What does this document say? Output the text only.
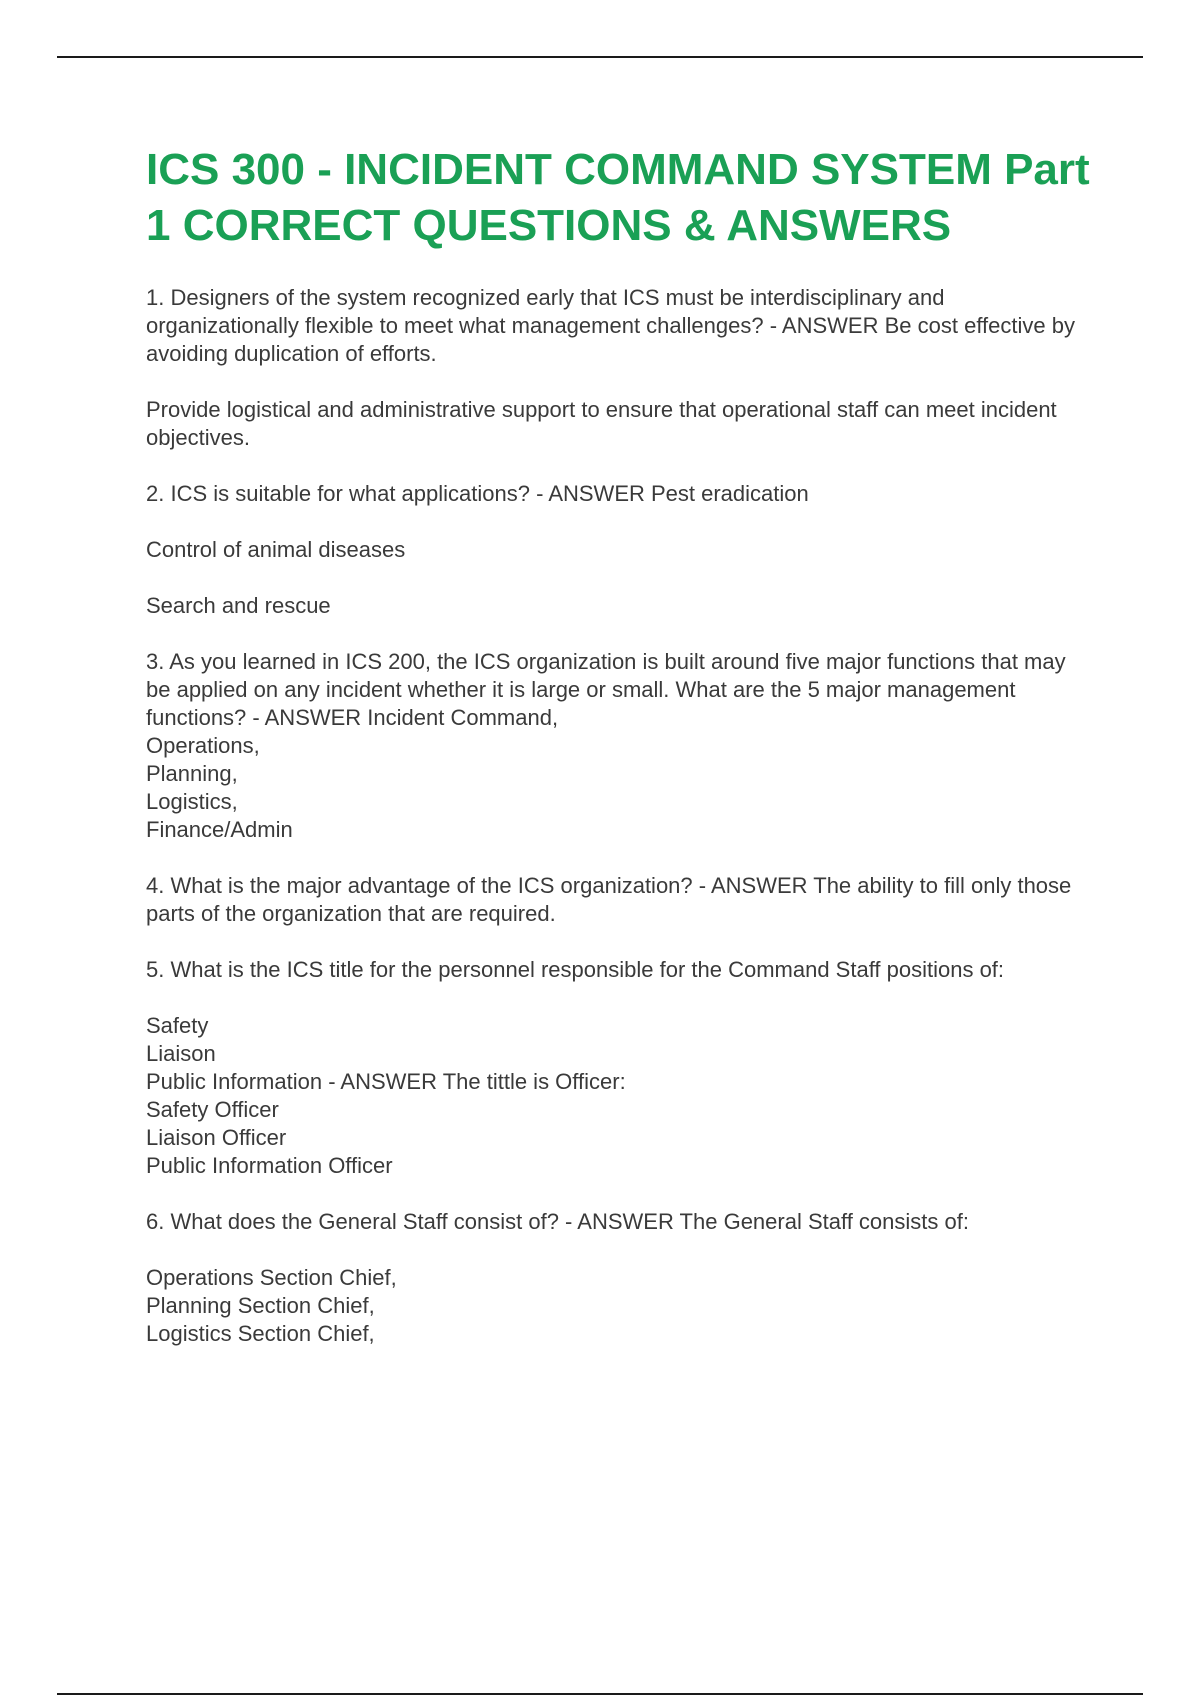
ICS 300 - INCIDENT COMMAND SYSTEM Part 1 CORRECT QUESTIONS & ANSWERS
1. Designers of the system recognized early that ICS must be interdisciplinary and organizationally flexible to meet what management challenges? - ANSWER Be cost effective by avoiding duplication of efforts.
Provide logistical and administrative support to ensure that operational staff can meet incident objectives.
2. ICS is suitable for what applications? - ANSWER Pest eradication
Control of animal diseases
Search and rescue
3. As you learned in ICS 200, the ICS organization is built around five major functions that may be applied on any incident whether it is large or small. What are the 5 major management functions? - ANSWER Incident Command,
Operations,
Planning,
Logistics,
Finance/Admin
4. What is the major advantage of the ICS organization? - ANSWER The ability to fill only those parts of the organization that are required.
5. What is the ICS title for the personnel responsible for the Command Staff positions of:
Safety
Liaison
Public Information - ANSWER The tittle is Officer:
Safety Officer
Liaison Officer
Public Information Officer
6. What does the General Staff consist of? - ANSWER The General Staff consists of:
Operations Section Chief,
Planning Section Chief,
Logistics Section Chief,
